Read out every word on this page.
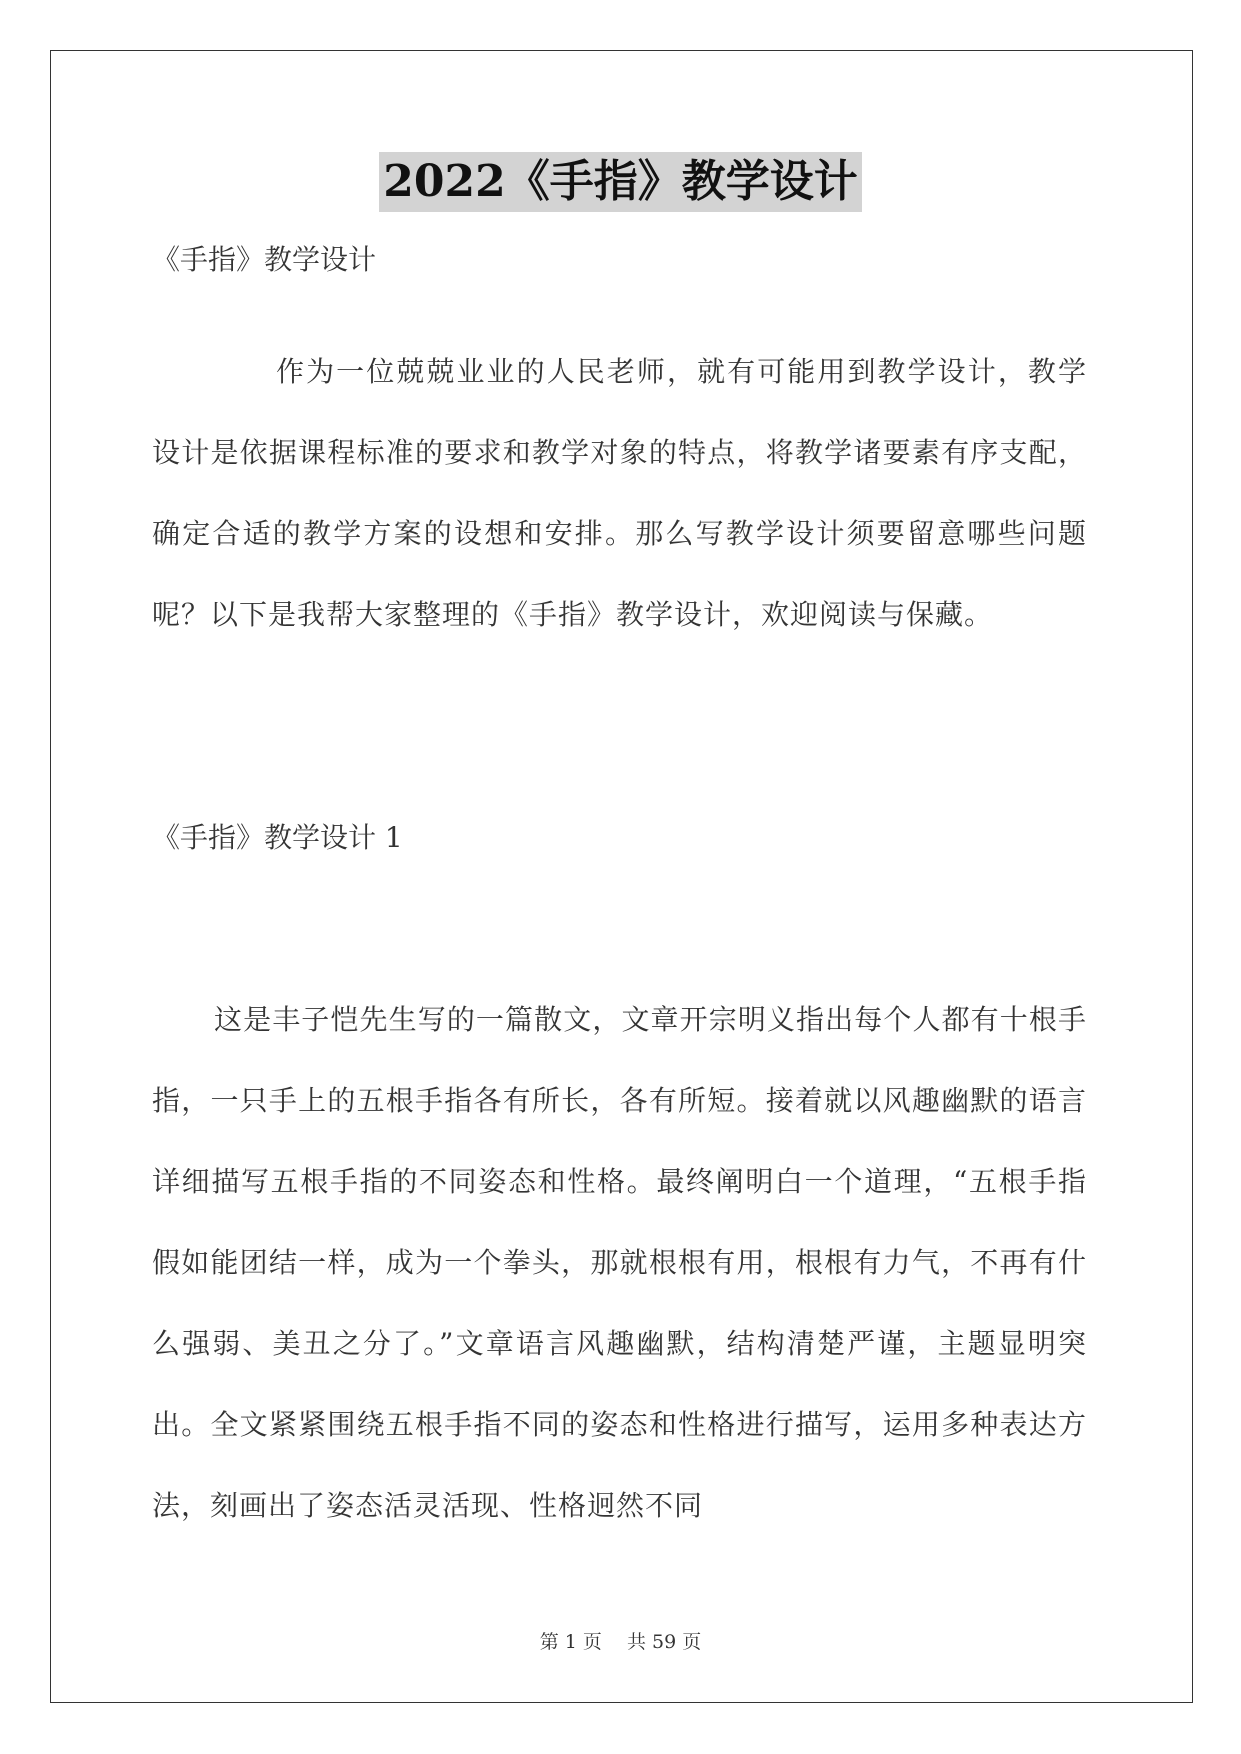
2022《手指》教学设计
《手指》教学设计

作为一位兢兢业业的人民老师，就有可能用到教学设计，教学设计是依据课程标准的要求和教学对象的特点，将教学诸要素有序支配，确定合适的教学方案的设想和安排。那么写教学设计须要留意哪些问题呢？以下是我帮大家整理的《手指》教学设计，欢迎阅读与保藏。

《手指》教学设计 1

这是丰子恺先生写的一篇散文，文章开宗明义指出每个人都有十根手指，一只手上的五根手指各有所长，各有所短。接着就以风趣幽默的语言详细描写五根手指的不同姿态和性格。最终阐明白一个道理，“五根手指假如能团结一样，成为一个拳头，那就根根有用，根根有力气，不再有什么强弱、美丑之分了。”文章语言风趣幽默，结构清楚严谨，主题显明突出。全文紧紧围绕五根手指不同的姿态和性格进行描写，运用多种表达方法，刻画出了姿态活灵活现、性格迥然不同

第 1 页　 共 59 页
